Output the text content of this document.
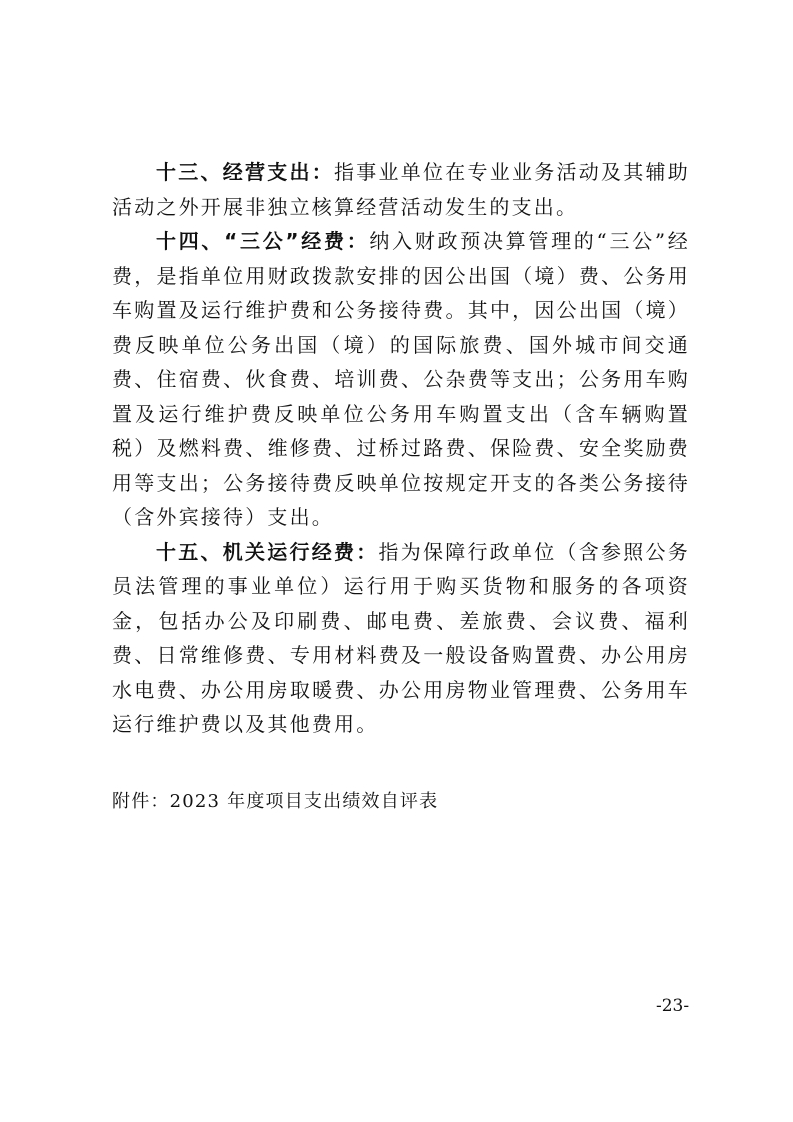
十三、经营支出：指事业单位在专业业务活动及其辅助活动之外开展非独立核算经营活动发生的支出。

十四、“三公”经费：纳入财政预决算管理的“三公”经费，是指单位用财政拨款安排的因公出国（境）费、公务用车购置及运行维护费和公务接待费。其中，因公出国（境）费反映单位公务出国（境）的国际旅费、国外城市间交通费、住宿费、伙食费、培训费、公杂费等支出；公务用车购置及运行维护费反映单位公务用车购置支出（含车辆购置税）及燃料费、维修费、过桥过路费、保险费、安全奖励费用等支出；公务接待费反映单位按规定开支的各类公务接待（含外宾接待）支出。

十五、机关运行经费：指为保障行政单位（含参照公务员法管理的事业单位）运行用于购买货物和服务的各项资金，包括办公及印刷费、邮电费、差旅费、会议费、福利费、日常维修费、专用材料费及一般设备购置费、办公用房水电费、办公用房取暖费、办公用房物业管理费、公务用车运行维护费以及其他费用。

附件：2023 年度项目支出绩效自评表
-23-
